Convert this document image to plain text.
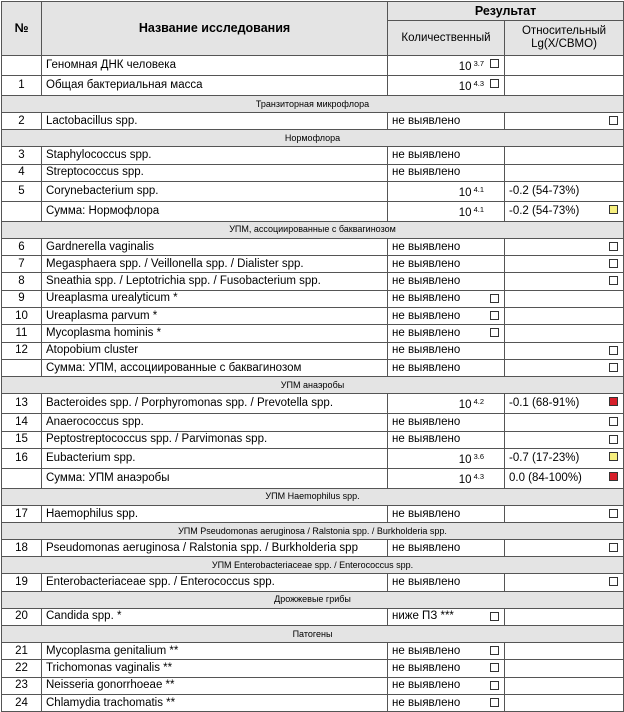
№	Название исследования	Результат	
		Количественный	Относительный Lg(X/СВМО)
	Геномная ДНК человека	10 $^{3.7}$

1	Общая бактериальная масса	10 $^{4.3}$

Транзиторная микрофлора			
2	Lactobacillus spp.	не выявлено	

Нормофлора			
3	Staphylococcus spp.	не выявлено	
4	Streptococcus spp.	не выявлено	
5	Corynebacterium spp.	10 $^{4.1}$	-0.2 (54-73%)
	Сумма: Нормофлора	10 $^{4.1}$	-0.2 (54-73%)

УПМ, ассоциированные с баквагинозом			
6	Gardnerella vaginalis	не выявлено	

7	Megasphaera spp. / Veillonella spp. / Dialister spp.	не выявлено	

8	Sneathia spp. / Leptotrichia spp. / Fusobacterium spp.	не выявлено	

9	Ureaplasma urealyticum *	не выявлено

10	Ureaplasma parvum *	не выявлено

11	Mycoplasma hominis *	не выявлено

12	Atopobium cluster	не выявлено	

	Сумма: УПМ, ассоциированные с баквагинозом	не выявлено	

УПМ анаэробы			
13	Bacteroides spp. / Porphyromonas spp. / Prevotella spp.	10 $^{4.2}$	-0.1 (68-91%)

14	Anaerococcus spp.	не выявлено	

15	Peptostreptococcus spp. / Parvimonas spp.	не выявлено	

16	Eubacterium spp.	10 $^{3.6}$	-0.7 (17-23%)

	Сумма: УПМ анаэробы	10 $^{4.3}$	0.0 (84-100%)

УПМ Haemophilus spp.			
17	Haemophilus spp.	не выявлено	

УПМ Pseudomonas aeruginosa / Ralstonia spp. / Burkholderia spp.			
18	Pseudomonas aeruginosa / Ralstonia spp. / Burkholderia spp	не выявлено	

УПМ Enterobacteriaceae spp. / Enterococcus spp.			
19	Enterobacteriaceae spp. / Enterococcus spp.	не выявлено	

Дрожжевые грибы			
20	Candida spp. *	ниже ПЗ ***

Патогены			
21	Mycoplasma genitalium **	не выявлено

22	Trichomonas vaginalis **	не выявлено

23	Neisseria gonorrhoeae **	не выявлено

24	Chlamydia trachomatis **	не выявлено
